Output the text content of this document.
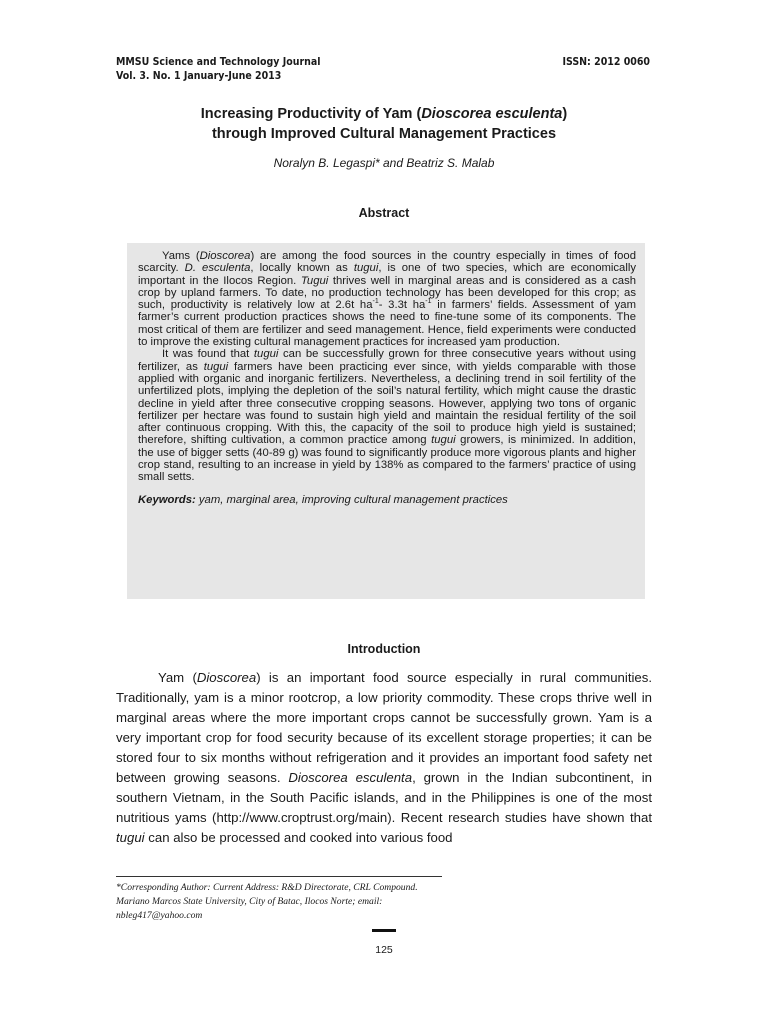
MMSU Science and Technology Journal
Vol. 3. No. 1 January-June 2013
ISSN: 2012 0060
Increasing Productivity of Yam (Dioscorea esculenta)
through Improved Cultural Management Practices
Noralyn B. Legaspi* and Beatriz S. Malab
Abstract

Yams (Dioscorea) are among the food sources in the country especially in times of food scarcity. D. esculenta, locally known as tugui, is one of two species, which are economically important in the Ilocos Region. Tugui thrives well in marginal areas and is considered as a cash crop by upland farmers. To date, no production technology has been developed for this crop; as such, productivity is relatively low at 2.6t $ha^{-1}-$ 3.3t $ha^{-1}$ in farmers’ fields. Assessment of yam farmer’s current production practices shows the need to fine-tune some of its components. The most critical of them are fertilizer and seed management. Hence, field experiments were conducted to improve the existing cultural management practices for increased yam production.

It was found that tugui can be successfully grown for three consecutive years without using fertilizer, as tugui farmers have been practicing ever since, with yields comparable with those applied with organic and inorganic fertilizers. Nevertheless, a declining trend in soil fertility of the unfertilized plots, implying the depletion of the soil’s natural fertility, which might cause the drastic decline in yield after three consecutive cropping seasons. However, applying two tons of organic fertilizer per hectare was found to sustain high yield and maintain the residual fertility of the soil after continuous cropping. With this, the capacity of the soil to produce high yield is sustained; therefore, shifting cultivation, a common practice among tugui growers, is minimized. In addition, the use of bigger setts (40-89 g) was found to significantly produce more vigorous plants and higher crop stand, resulting to an increase in yield by 138% as compared to the farmers’ practice of using small setts.

Keywords: yam, marginal area, improving cultural management practices

Introduction

Yam (Dioscorea) is an important food source especially in rural communities. Traditionally, yam is a minor rootcrop, a low priority commodity. These crops thrive well in marginal areas where the more important crops cannot be successfully grown. Yam is a very important crop for food security because of its excellent storage properties; it can be stored four to six months without refrigeration and it provides an important food safety net between growing seasons. Dioscorea esculenta, grown in the Indian subcontinent, in southern Vietnam, in the South Pacific islands, and in the Philippines is one of the most nutritious yams (http://www.croptrust.org/main). Recent research studies have shown that tugui can also be processed and cooked into various food

*Corresponding Author: Current Address: R&D Directorate, CRL Compound. Mariano Marcos State University, City of Batac, Ilocos Norte; email: nbleg417@yahoo.com
125
